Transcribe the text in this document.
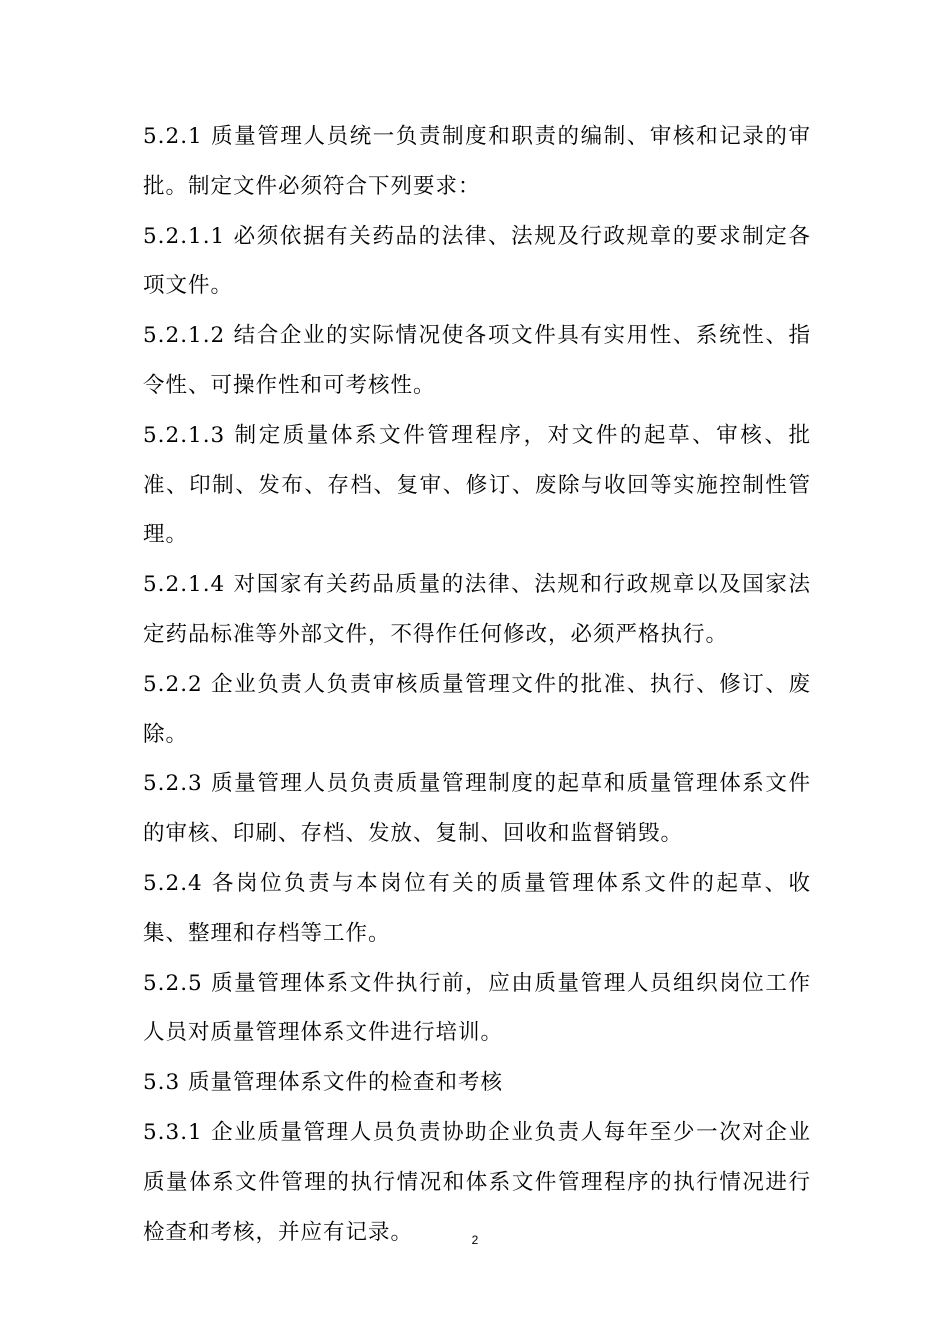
5.2.1 质量管理人员统一负责制度和职责的编制、审核和记录的审批。制定文件必须符合下列要求：

5.2.1.1 必须依据有关药品的法律、法规及行政规章的要求制定各项文件。

5.2.1.2 结合企业的实际情况使各项文件具有实用性、系统性、指令性、可操作性和可考核性。

5.2.1.3 制定质量体系文件管理程序，对文件的起草、审核、批准、印制、发布、存档、复审、修订、废除与收回等实施控制性管理。

5.2.1.4 对国家有关药品质量的法律、法规和行政规章以及国家法定药品标准等外部文件，不得作任何修改，必须严格执行。

5.2.2 企业负责人负责审核质量管理文件的批准、执行、修订、废除。

5.2.3 质量管理人员负责质量管理制度的起草和质量管理体系文件的审核、印刷、存档、发放、复制、回收和监督销毁。

5.2.4 各岗位负责与本岗位有关的质量管理体系文件的起草、收集、整理和存档等工作。

5.2.5 质量管理体系文件执行前，应由质量管理人员组织岗位工作人员对质量管理体系文件进行培训。

5.3 质量管理体系文件的检查和考核

5.3.1 企业质量管理人员负责协助企业负责人每年至少一次对企业质量体系文件管理的执行情况和体系文件管理程序的执行情况进行检查和考核，并应有记录。	2
